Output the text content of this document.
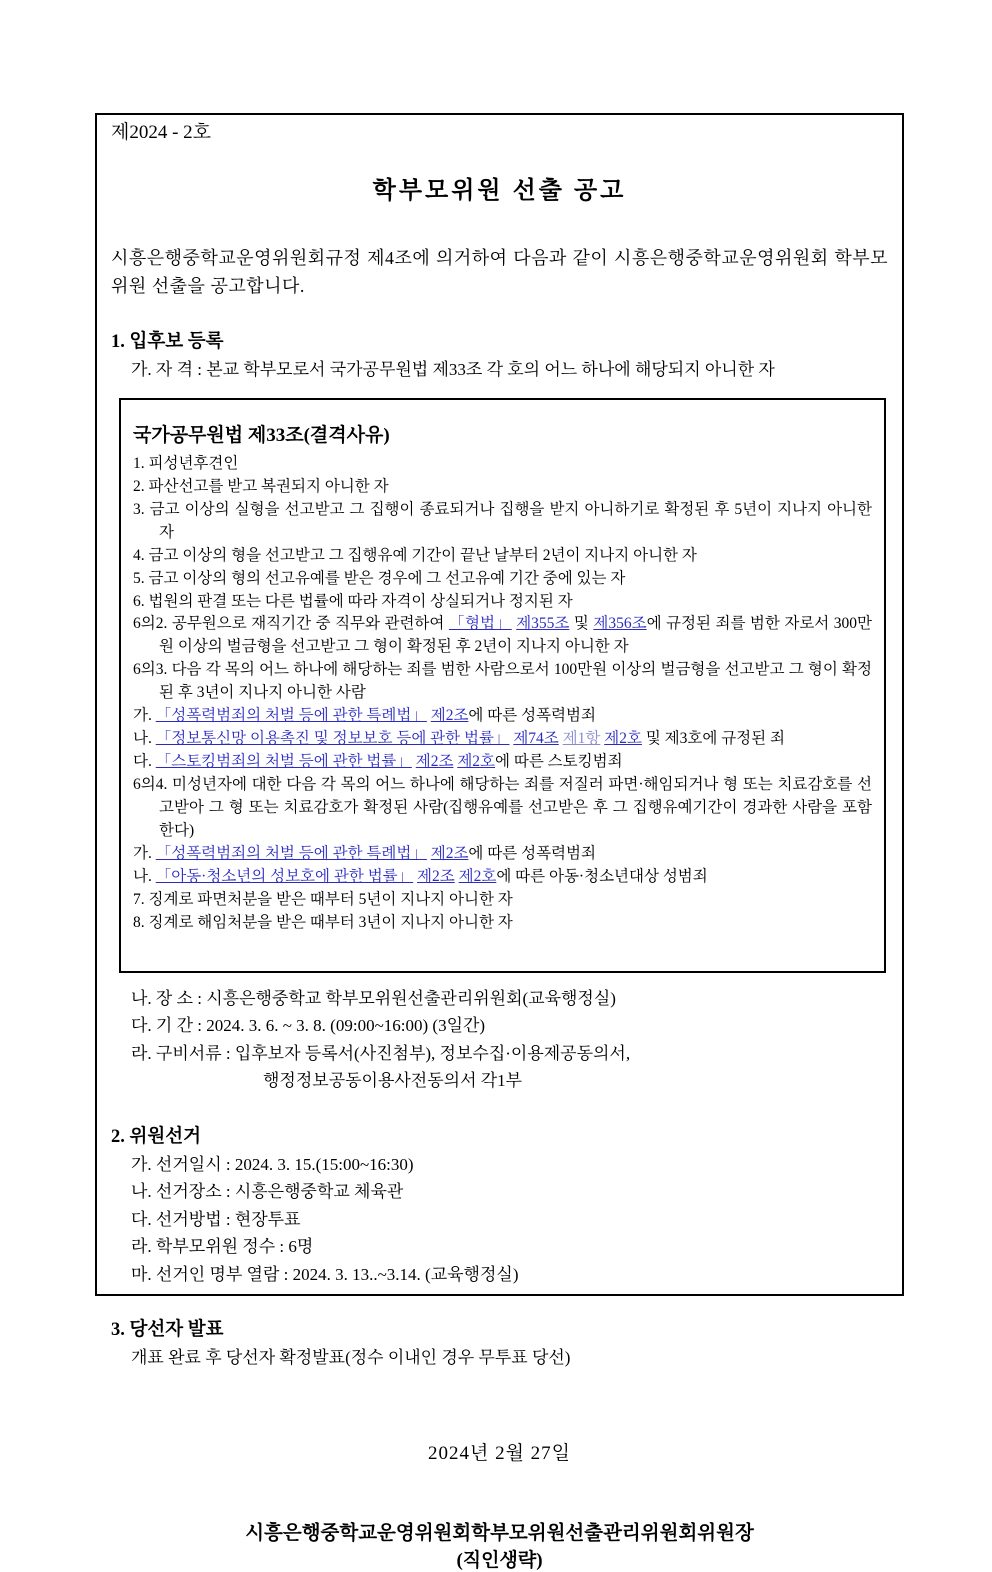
제2024 - 2호
학부모위원 선출 공고

시흥은행중학교운영위원회규정 제4조에 의거하여 다음과 같이 시흥은행중학교운영위원회 학부모위원 선출을 공고합니다.

1. 입후보 등록
가. 자 격 : 본교 학부모로서 국가공무원법 제33조 각 호의 어느 하나에 해당되지 아니한 자
국가공무원법 제33조(결격사유)
1. 피성년후견인
2. 파산선고를 받고 복권되지 아니한 자
3. 금고 이상의 실형을 선고받고 그 집행이 종료되거나 집행을 받지 아니하기로 확정된 후 5년이 지나지 아니한 자
4. 금고 이상의 형을 선고받고 그 집행유예 기간이 끝난 날부터 2년이 지나지 아니한 자
5. 금고 이상의 형의 선고유예를 받은 경우에 그 선고유예 기간 중에 있는 자
6. 법원의 판결 또는 다른 법률에 따라 자격이 상실되거나 정지된 자
6의2. 공무원으로 재직기간 중 직무와 관련하여 「형법」 제355조 및 제356조에 규정된 죄를 범한 자로서 300만원 이상의 벌금형을 선고받고 그 형이 확정된 후 2년이 지나지 아니한 자
6의3. 다음 각 목의 어느 하나에 해당하는 죄를 범한 사람으로서 100만원 이상의 벌금형을 선고받고 그 형이 확정된 후 3년이 지나지 아니한 사람
가. 「성폭력범죄의 처벌 등에 관한 특례법」 제2조에 따른 성폭력범죄
나. 「정보통신망 이용촉진 및 정보보호 등에 관한 법률」 제74조 제1항 제2호 및 제3호에 규정된 죄
다. 「스토킹범죄의 처벌 등에 관한 법률」 제2조 제2호에 따른 스토킹범죄
6의4. 미성년자에 대한 다음 각 목의 어느 하나에 해당하는 죄를 저질러 파면·해임되거나 형 또는 치료감호를 선고받아 그 형 또는 치료감호가 확정된 사람(집행유예를 선고받은 후 그 집행유예기간이 경과한 사람을 포함한다)
가. 「성폭력범죄의 처벌 등에 관한 특례법」 제2조에 따른 성폭력범죄
나. 「아동·청소년의 성보호에 관한 법률」 제2조 제2호에 따른 아동·청소년대상 성범죄
7. 징계로 파면처분을 받은 때부터 5년이 지나지 아니한 자
8. 징계로 해임처분을 받은 때부터 3년이 지나지 아니한 자
나. 장 소 : 시흥은행중학교 학부모위원선출관리위원회(교육행정실)
다. 기 간 : 2024. 3. 6. ~ 3. 8. (09:00~16:00) (3일간)
라. 구비서류 : 입후보자 등록서(사진첨부), 정보수집·이용제공동의서,
행정정보공동이용사전동의서 각1부
2. 위원선거
가. 선거일시 : 2024. 3. 15.(15:00~16:30)
나. 선거장소 : 시흥은행중학교 체육관
다. 선거방법 : 현장투표
라. 학부모위원 정수 : 6명
마. 선거인 명부 열람 : 2024. 3. 13..~3.14. (교육행정실)
3. 당선자 발표
개표 완료 후 당선자 확정발표(정수 이내인 경우 무투표 당선)
2024년 2월 27일
시흥은행중학교운영위원회학부모위원선출관리위원회위원장
(직인생략)
